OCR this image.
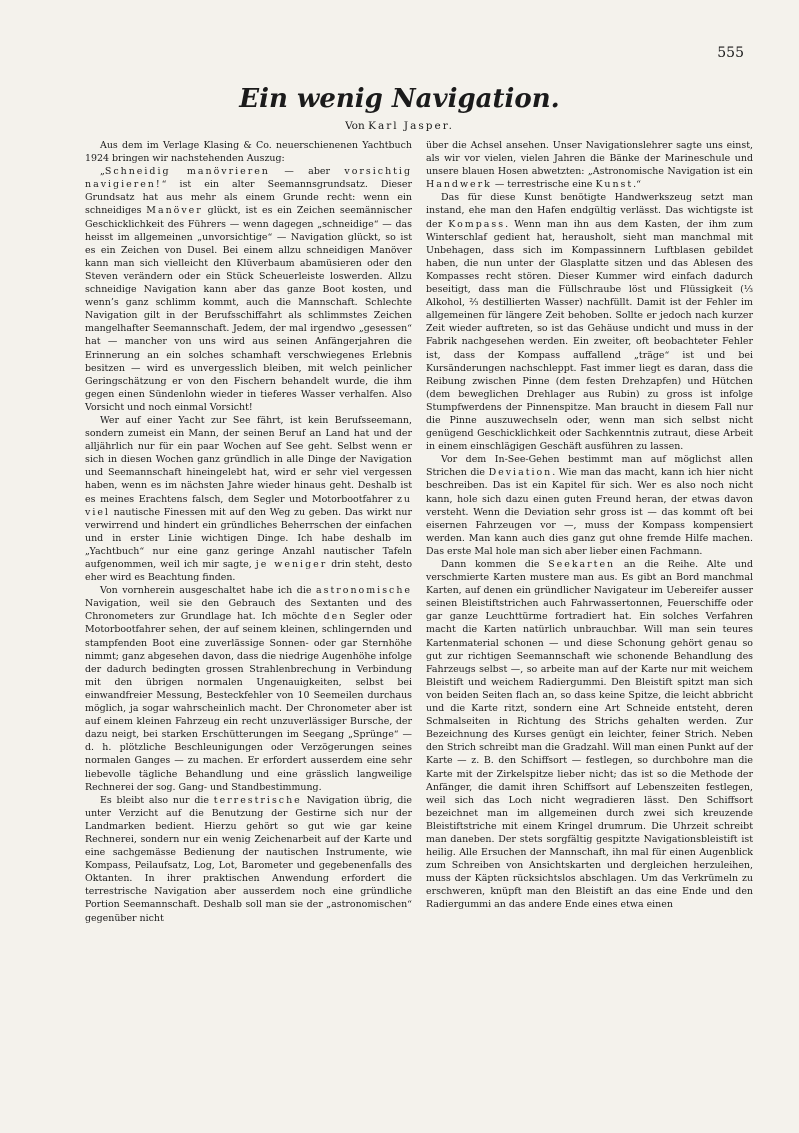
555
Ein wenig Navigation.
Von Karl Jasper.

Aus dem im Verlage Klasing & Co. neuerschienenen Yachtbuch 1924 bringen wir nachstehenden Auszug:

„Schneidig manövrieren — aber vorsichtig navigieren!“ ist ein alter Seemannsgrundsatz. Dieser Grundsatz hat aus mehr als einem Grunde recht: wenn ein schneidiges Manöver glückt, ist es ein Zeichen seemännischer Geschicklichkeit des Führers — wenn dagegen „schneidige“ — das heisst im allgemeinen „unvorsichtige“ — Navigation glückt, so ist es ein Zeichen von Dusel. Bei einem allzu schneidigen Manöver kann man sich vielleicht den Klüverbaum abamüsieren oder den Steven verändern oder ein Stück Scheuerleiste loswerden. Allzu schneidige Navigation kann aber das ganze Boot kosten, und wenn’s ganz schlimm kommt, auch die Mannschaft. Schlechte Navigation gilt in der Berufsschiffahrt als schlimmstes Zeichen mangelhafter Seemannschaft. Jedem, der mal irgendwo „gesessen“ hat — mancher von uns wird aus seinen Anfängerjahren die Erinnerung an ein solches schamhaft verschwiegenes Erlebnis besitzen — wird es unvergesslich bleiben, mit welch peinlicher Geringschätzung er von den Fischern behandelt wurde, die ihm gegen einen Sündenlohn wieder in tieferes Wasser verhalfen. Also Vorsicht und noch einmal Vorsicht!

Wer auf einer Yacht zur See fährt, ist kein Berufsseemann, sondern zumeist ein Mann, der seinen Beruf an Land hat und der alljährlich nur für ein paar Wochen auf See geht. Selbst wenn er sich in diesen Wochen ganz gründlich in alle Dinge der Navigation und Seemannschaft hineingelebt hat, wird er sehr viel vergessen haben, wenn es im nächsten Jahre wieder hinaus geht. Deshalb ist es meines Erachtens falsch, dem Segler und Motorbootfahrer zu viel nautische Finessen mit auf den Weg zu geben. Das wirkt nur verwirrend und hindert ein gründliches Beherrschen der einfachen und in erster Linie wichtigen Dinge. Ich habe deshalb im „Yachtbuch“ nur eine ganz geringe Anzahl nautischer Tafeln aufgenommen, weil ich mir sagte, je weniger drin steht, desto eher wird es Beachtung finden.

Von vornherein ausgeschaltet habe ich die astronomische Navigation, weil sie den Gebrauch des Sextanten und des Chronometers zur Grundlage hat. Ich möchte den Segler oder Motorbootfahrer sehen, der auf seinem kleinen, schlingernden und stampfenden Boot eine zuverlässige Sonnen- oder gar Sternhöhe nimmt; ganz abgesehen davon, dass die niedrige Augenhöhe infolge der dadurch bedingten grossen Strahlenbrechung in Verbindung mit den übrigen normalen Ungenauigkeiten, selbst bei einwandfreier Messung, Besteckfehler von 10 Seemeilen durchaus möglich, ja sogar wahrscheinlich macht. Der Chronometer aber ist auf einem kleinen Fahrzeug ein recht unzuverlässiger Bursche, der dazu neigt, bei starken Erschütterungen im Seegang „Sprünge“ — d. h. plötzliche Beschleunigungen oder Verzögerungen seines normalen Ganges — zu machen. Er erfordert ausserdem eine sehr liebevolle tägliche Behandlung und eine grässlich langweilige Rechnerei der sog. Gang- und Standbestimmung.

Es bleibt also nur die terrestrische Navigation übrig, die unter Verzicht auf die Benutzung der Gestirne sich nur der Landmarken bedient. Hierzu gehört so gut wie gar keine Rechnerei, sondern nur ein wenig Zeichenarbeit auf der Karte und eine sachgemässe Bedienung der nautischen Instrumente, wie Kompass, Peilaufsatz, Log, Lot, Barometer und gegebenenfalls des Oktanten. In ihrer praktischen Anwendung erfordert die terrestrische Navigation aber ausserdem noch eine gründliche Portion Seemannschaft. Deshalb soll man sie der „astronomischen“ gegenüber nicht

über die Achsel ansehen. Unser Navigationslehrer sagte uns einst, als wir vor vielen, vielen Jahren die Bänke der Marineschule und unsere blauen Hosen abwetzten: „Astronomische Navigation ist ein Handwerk — terrestrische eine Kunst.“

Das für diese Kunst benötigte Handwerkszeug setzt man instand, ehe man den Hafen endgültig verlässt. Das wichtigste ist der Kompass. Wenn man ihn aus dem Kasten, der ihm zum Winterschlaf gedient hat, herausholt, sieht man manchmal mit Unbehagen, dass sich im Kompassinnern Luftblasen gebildet haben, die nun unter der Glasplatte sitzen und das Ablesen des Kompasses recht stören. Dieser Kummer wird einfach dadurch beseitigt, dass man die Füllschraube löst und Flüssigkeit (⅓ Alkohol, ⅔ destillierten Wasser) nachfüllt. Damit ist der Fehler im allgemeinen für längere Zeit behoben. Sollte er jedoch nach kurzer Zeit wieder auftreten, so ist das Gehäuse undicht und muss in der Fabrik nachgesehen werden. Ein zweiter, oft beobachteter Fehler ist, dass der Kompass auffallend „träge“ ist und bei Kursänderungen nachschleppt. Fast immer liegt es daran, dass die Reibung zwischen Pinne (dem festen Drehzapfen) und Hütchen (dem beweglichen Drehlager aus Rubin) zu gross ist infolge Stumpfwerdens der Pinnenspitze. Man braucht in diesem Fall nur die Pinne auszuwechseln oder, wenn man sich selbst nicht genügend Geschicklichkeit oder Sachkenntnis zutraut, diese Arbeit in einem einschlägigen Geschäft ausführen zu lassen.

Vor dem In-See-Gehen bestimmt man auf möglichst allen Strichen die Deviation. Wie man das macht, kann ich hier nicht beschreiben. Das ist ein Kapitel für sich. Wer es also noch nicht kann, hole sich dazu einen guten Freund heran, der etwas davon versteht. Wenn die Deviation sehr gross ist — das kommt oft bei eisernen Fahrzeugen vor —, muss der Kompass kompensiert werden. Man kann auch dies ganz gut ohne fremde Hilfe machen. Das erste Mal hole man sich aber lieber einen Fachmann.

Dann kommen die Seekarten an die Reihe. Alte und verschmierte Karten mustere man aus. Es gibt an Bord manchmal Karten, auf denen ein gründlicher Navigateur im Uebereifer ausser seinen Bleistiftstrichen auch Fahrwassertonnen, Feuerschiffe oder gar ganze Leuchttürme fortradiert hat. Ein solches Verfahren macht die Karten natürlich unbrauchbar. Will man sein teures Kartenmaterial schonen — und diese Schonung gehört genau so gut zur richtigen Seemannschaft wie schonende Behandlung des Fahrzeugs selbst —, so arbeite man auf der Karte nur mit weichem Bleistift und weichem Radiergummi. Den Bleistift spitzt man sich von beiden Seiten flach an, so dass keine Spitze, die leicht abbricht und die Karte ritzt, sondern eine Art Schneide entsteht, deren Schmalseiten in Richtung des Strichs gehalten werden. Zur Bezeichnung des Kurses genügt ein leichter, feiner Strich. Neben den Strich schreibt man die Gradzahl. Will man einen Punkt auf der Karte — z. B. den Schiffsort — festlegen, so durchbohre man die Karte mit der Zirkelspitze lieber nicht; das ist so die Methode der Anfänger, die damit ihren Schiffsort auf Lebenszeiten festlegen, weil sich das Loch nicht wegradieren lässt. Den Schiffsort bezeichnet man im allgemeinen durch zwei sich kreuzende Bleistiftstriche mit einem Kringel drumrum. Die Uhrzeit schreibt man daneben. Der stets sorgfältig gespitzte Navigationsbleistift ist heilig. Alle Ersuchen der Mannschaft, ihn mal für einen Augenblick zum Schreiben von Ansichtskarten und dergleichen herzuleihen, muss der Käpten rücksichtslos abschlagen. Um das Verkrümeln zu erschweren, knüpft man den Bleistift an das eine Ende und den Radiergummi an das andere Ende eines etwa einen
